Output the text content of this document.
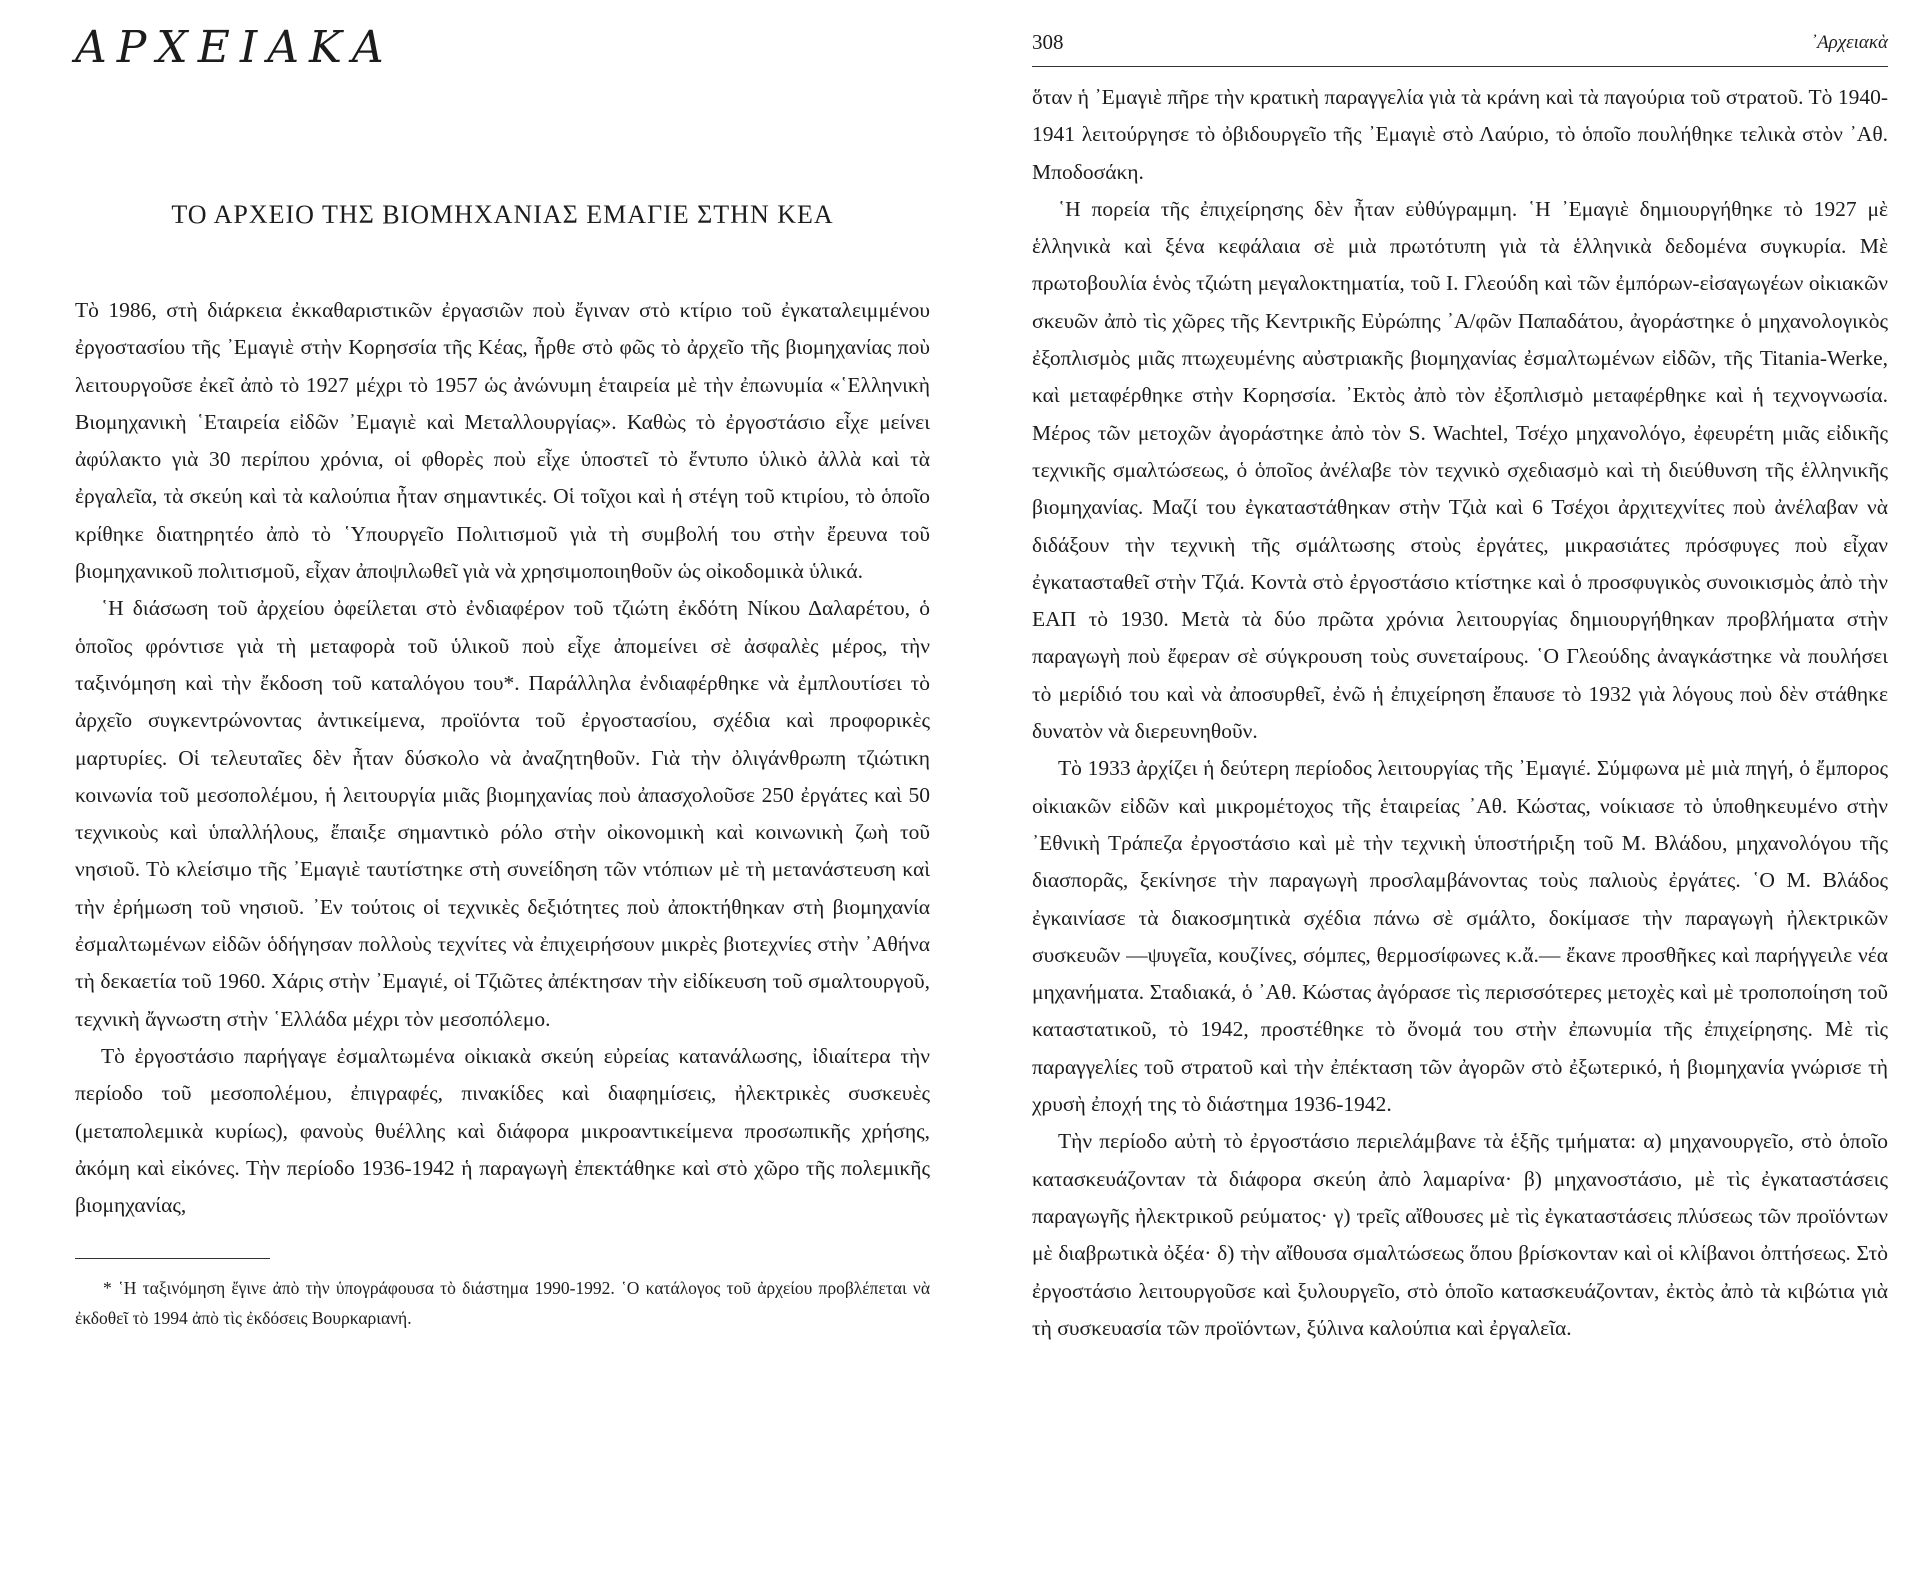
ΑΡΧΕΙΑΚΑ
ΤΟ ΑΡΧΕΙΟ ΤΗΣ ΒΙΟΜΗΧΑΝΙΑΣ ΕΜΑΓΙΕ ΣΤΗΝ ΚΕΑ

Τὸ 1986, στὴ διάρκεια ἐκκαθαριστικῶν ἐργασιῶν ποὺ ἔγιναν στὸ κτίριο τοῦ ἐγκαταλειμμένου ἐργοστασίου τῆς ᾿Εμαγιὲ στὴν Κορησσία τῆς Κέας, ἦρθε στὸ φῶς τὸ ἀρχεῖο τῆς βιομηχανίας ποὺ λειτουργοῦσε ἐκεῖ ἀπὸ τὸ 1927 μέχρι τὸ 1957 ὡς ἀνώνυμη ἑταιρεία μὲ τὴν ἐπωνυμία «῾Ελληνικὴ Βιομηχανικὴ ῾Εταιρεία εἰδῶν ᾿Εμαγιὲ καὶ Μεταλλουργίας». Καθὼς τὸ ἐργοστάσιο εἶχε μείνει ἀφύλακτο γιὰ 30 περίπου χρόνια, οἱ φθορὲς ποὺ εἶχε ὑποστεῖ τὸ ἔντυπο ὑλικὸ ἀλλὰ καὶ τὰ ἐργαλεῖα, τὰ σκεύη καὶ τὰ καλούπια ἦταν σημαντικές. Οἱ τοῖχοι καὶ ἡ στέγη τοῦ κτιρίου, τὸ ὁποῖο κρίθηκε διατηρητέο ἀπὸ τὸ ῾Υπουργεῖο Πολιτισμοῦ γιὰ τὴ συμβολή του στὴν ἔρευνα τοῦ βιομηχανικοῦ πολιτισμοῦ, εἶχαν ἀποψιλωθεῖ γιὰ νὰ χρησιμοποιηθοῦν ὡς οἰκοδομικὰ ὑλικά.

῾Η διάσωση τοῦ ἀρχείου ὀφείλεται στὸ ἐνδιαφέρον τοῦ τζιώτη ἐκδότη Νίκου Δαλαρέτου, ὁ ὁποῖος φρόντισε γιὰ τὴ μεταφορὰ τοῦ ὑλικοῦ ποὺ εἶχε ἀπομείνει σὲ ἀσφαλὲς μέρος, τὴν ταξινόμηση καὶ τὴν ἔκδοση τοῦ καταλόγου του*. Παράλληλα ἐνδιαφέρθηκε νὰ ἐμπλουτίσει τὸ ἀρχεῖο συγκεντρώνοντας ἀντικείμενα, προϊόντα τοῦ ἐργοστασίου, σχέδια καὶ προφορικὲς μαρτυρίες. Οἱ τελευταῖες δὲν ἦταν δύσκολο νὰ ἀναζητηθοῦν. Γιὰ τὴν ὀλιγάνθρωπη τζιώτικη κοινωνία τοῦ μεσοπολέμου, ἡ λειτουργία μιᾶς βιομηχανίας ποὺ ἀπασχολοῦσε 250 ἐργάτες καὶ 50 τεχνικοὺς καὶ ὑπαλλήλους, ἔπαιξε σημαντικὸ ρόλο στὴν οἰκονομικὴ καὶ κοινωνικὴ ζωὴ τοῦ νησιοῦ. Τὸ κλείσιμο τῆς ᾿Εμαγιὲ ταυτίστηκε στὴ συνείδηση τῶν ντόπιων μὲ τὴ μετανάστευση καὶ τὴν ἐρήμωση τοῦ νησιοῦ. ᾿Εν τούτοις οἱ τεχνικὲς δεξιότητες ποὺ ἀποκτήθηκαν στὴ βιομηχανία ἐσμαλτωμένων εἰδῶν ὁδήγησαν πολλοὺς τεχνίτες νὰ ἐπιχειρήσουν μικρὲς βιοτεχνίες στὴν ᾿Αθήνα τὴ δεκαετία τοῦ 1960. Χάρις στὴν ᾿Εμαγιέ, οἱ Τζιῶτες ἀπέκτησαν τὴν εἰδίκευση τοῦ σμαλτουργοῦ, τεχνικὴ ἄγνωστη στὴν ῾Ελλάδα μέχρι τὸν μεσοπόλεμο.

Τὸ ἐργοστάσιο παρήγαγε ἐσμαλτωμένα οἰκιακὰ σκεύη εὐρείας κατανάλωσης, ἰδιαίτερα τὴν περίοδο τοῦ μεσοπολέμου, ἐπιγραφές, πινακίδες καὶ διαφημίσεις, ἠλεκτρικὲς συσκευὲς (μεταπολεμικὰ κυρίως), φανοὺς θυέλλης καὶ διάφορα μικροαντικείμενα προσωπικῆς χρήσης, ἀκόμη καὶ εἰκόνες. Τὴν περίοδο 1936-1942 ἡ παραγωγὴ ἐπεκτάθηκε καὶ στὸ χῶρο τῆς πολεμικῆς βιομηχανίας,

* ῾Η ταξινόμηση ἔγινε ἀπὸ τὴν ὑπογράφουσα τὸ διάστημα 1990-1992. ῾Ο κατάλογος τοῦ ἀρχείου προβλέπεται νὰ ἐκδοθεῖ τὸ 1994 ἀπὸ τὶς ἐκδόσεις Βουρκαριανή.

308	᾿Αρχειακὰ

ὅταν ἡ ᾿Εμαγιὲ πῆρε τὴν κρατικὴ παραγγελία γιὰ τὰ κράνη καὶ τὰ παγούρια τοῦ στρατοῦ. Τὸ 1940-1941 λειτούργησε τὸ ὀβιδουργεῖο τῆς ᾿Εμαγιὲ στὸ Λαύριο, τὸ ὁποῖο πουλήθηκε τελικὰ στὸν ᾿Αθ. Μποδοσάκη.

῾Η πορεία τῆς ἐπιχείρησης δὲν ἦταν εὐθύγραμμη. ῾Η ᾿Εμαγιὲ δημιουργήθηκε τὸ 1927 μὲ ἑλληνικὰ καὶ ξένα κεφάλαια σὲ μιὰ πρωτότυπη γιὰ τὰ ἑλληνικὰ δεδομένα συγκυρία. Μὲ πρωτοβουλία ἑνὸς τζιώτη μεγαλοκτηματία, τοῦ Ι. Γλεούδη καὶ τῶν ἐμπόρων-εἰσαγωγέων οἰκιακῶν σκευῶν ἀπὸ τὶς χῶρες τῆς Κεντρικῆς Εὐρώπης ᾿Α/φῶν Παπαδάτου, ἀγοράστηκε ὁ μηχανολογικὸς ἐξοπλισμὸς μιᾶς πτωχευμένης αὐστριακῆς βιομηχανίας ἐσμαλτωμένων εἰδῶν, τῆς Titania-Werke, καὶ μεταφέρθηκε στὴν Κορησσία. ᾿Εκτὸς ἀπὸ τὸν ἐξοπλισμὸ μεταφέρθηκε καὶ ἡ τεχνογνωσία. Μέρος τῶν μετοχῶν ἀγοράστηκε ἀπὸ τὸν S. Wachtel, Τσέχο μηχανολόγο, ἐφευρέτη μιᾶς εἰδικῆς τεχνικῆς σμαλτώσεως, ὁ ὁποῖος ἀνέλαβε τὸν τεχνικὸ σχεδιασμὸ καὶ τὴ διεύθυνση τῆς ἑλληνικῆς βιομηχανίας. Μαζί του ἐγκαταστάθηκαν στὴν Τζιὰ καὶ 6 Τσέχοι ἀρχιτεχνίτες ποὺ ἀνέλαβαν νὰ διδάξουν τὴν τεχνικὴ τῆς σμάλτωσης στοὺς ἐργάτες, μικρασιάτες πρόσφυγες ποὺ εἶχαν ἐγκατασταθεῖ στὴν Τζιά. Κοντὰ στὸ ἐργοστάσιο κτίστηκε καὶ ὁ προσφυγικὸς συνοικισμὸς ἀπὸ τὴν ΕΑΠ τὸ 1930. Μετὰ τὰ δύο πρῶτα χρόνια λειτουργίας δημιουργήθηκαν προβλήματα στὴν παραγωγὴ ποὺ ἔφεραν σὲ σύγκρουση τοὺς συνεταίρους. ῾Ο Γλεούδης ἀναγκάστηκε νὰ πουλήσει τὸ μερίδιό του καὶ νὰ ἀποσυρθεῖ, ἐνῶ ἡ ἐπιχείρηση ἔπαυσε τὸ 1932 γιὰ λόγους ποὺ δὲν στάθηκε δυνατὸν νὰ διερευνηθοῦν.

Τὸ 1933 ἀρχίζει ἡ δεύτερη περίοδος λειτουργίας τῆς ᾿Εμαγιέ. Σύμφωνα μὲ μιὰ πηγή, ὁ ἔμπορος οἰκιακῶν εἰδῶν καὶ μικρομέτοχος τῆς ἑταιρείας ᾿Αθ. Κώστας, νοίκιασε τὸ ὑποθηκευμένο στὴν ᾿Εθνικὴ Τράπεζα ἐργοστάσιο καὶ μὲ τὴν τεχνικὴ ὑποστήριξη τοῦ Μ. Βλάδου, μηχανολόγου τῆς διασπορᾶς, ξεκίνησε τὴν παραγωγὴ προσλαμβάνοντας τοὺς παλιοὺς ἐργάτες. ῾Ο Μ. Βλάδος ἐγκαινίασε τὰ διακοσμητικὰ σχέδια πάνω σὲ σμάλτο, δοκίμασε τὴν παραγωγὴ ἠλεκτρικῶν συσκευῶν —ψυγεῖα, κουζίνες, σόμπες, θερμοσίφωνες κ.ἄ.— ἔκανε προσθῆκες καὶ παρήγγειλε νέα μηχανήματα. Σταδιακά, ὁ ᾿Αθ. Κώστας ἀγόρασε τὶς περισσότερες μετοχὲς καὶ μὲ τροποποίηση τοῦ καταστατικοῦ, τὸ 1942, προστέθηκε τὸ ὄνομά του στὴν ἐπωνυμία τῆς ἐπιχείρησης. Μὲ τὶς παραγγελίες τοῦ στρατοῦ καὶ τὴν ἐπέκταση τῶν ἀγορῶν στὸ ἐξωτερικό, ἡ βιομηχανία γνώρισε τὴ χρυσὴ ἐποχή της τὸ διάστημα 1936-1942.

Τὴν περίοδο αὐτὴ τὸ ἐργοστάσιο περιελάμβανε τὰ ἑξῆς τμήματα: α) μηχανουργεῖο, στὸ ὁποῖο κατασκευάζονταν τὰ διάφορα σκεύη ἀπὸ λαμαρίνα· β) μηχανοστάσιο, μὲ τὶς ἐγκαταστάσεις παραγωγῆς ἠλεκτρικοῦ ρεύματος· γ) τρεῖς αἴθουσες μὲ τὶς ἐγκαταστάσεις πλύσεως τῶν προϊόντων μὲ διαβρωτικὰ ὀξέα· δ) τὴν αἴθουσα σμαλτώσεως ὅπου βρίσκονταν καὶ οἱ κλίβανοι ὀπτήσεως. Στὸ ἐργοστάσιο λειτουργοῦσε καὶ ξυλουργεῖο, στὸ ὁποῖο κατασκευάζονταν, ἐκτὸς ἀπὸ τὰ κιβώτια γιὰ τὴ συσκευασία τῶν προϊόντων, ξύλινα καλούπια καὶ ἐργαλεῖα.
